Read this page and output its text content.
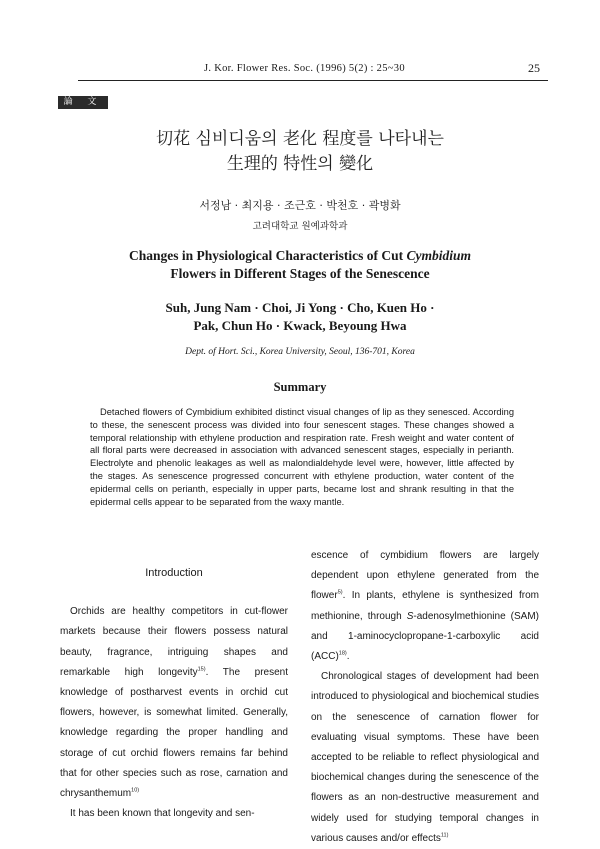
J. Kor. Flower Res. Soc. (1996) 5(2) : 25~30	25
論 文
切花 심비디움의 老化 程度를 나타내는
生理的 特性의 變化
서정남 · 최지용 · 조근호 · 박천호 · 곽병화
고려대학교 원예과학과
Changes in Physiological Characteristics of Cut Cymbidium
Flowers in Different Stages of the Senescence
Suh, Jung Nam · Choi, Ji Yong · Cho, Kuen Ho ·
Pak, Chun Ho · Kwack, Beyoung Hwa
Dept. of Hort. Sci., Korea University, Seoul, 136-701, Korea
Summary

Detached flowers of Cymbidium exhibited distinct visual changes of lip as they senesced. According to these, the senescent process was divided into four senescent stages. These changes showed a temporal relationship with ethylene production and respiration rate. Fresh weight and water content of all floral parts were decreased in association with advanced senescent stages, especially in perianth. Electrolyte and phenolic leakages as well as malondialdehyde level were, however, little affected by the stages. As senescence progressed concurrent with ethylene production, water content of the epidermal cells on perianth, especially in upper parts, became lost and shrank resulting in that the epidermal cells appear to be separated from the waxy mantle.

Introduction

Orchids are healthy competitors in cut-flower markets because their flowers possess natural beauty, fragrance, intriguing shapes and remarkable high longevity$^{15)}$. The present knowledge of postharvest events in orchid cut flowers, however, is somewhat limited. Generally, knowledge regarding the proper handling and storage of cut orchid flowers remains far behind that for other species such as rose, carnation and chrysanthemum$^{10)}$

It has been known that longevity and sen-

escence of cymbidium flowers are largely dependent upon ethylene generated from the flower$^{5)}$. In plants, ethylene is synthesized from methionine, through S-adenosylmethionine (SAM) and 1-aminocyclopropane-1-carboxylic acid (ACC)$^{18)}$.

Chronological stages of development had been introduced to physiological and biochemical studies on the senescence of carnation flower for evaluating visual symptoms. These have been accepted to be reliable to reflect physiological and biochemical changes during the senescence of the flowers as an non-destructive measurement and widely used for studying temporal changes in various causes and/or effects$^{11)}$
